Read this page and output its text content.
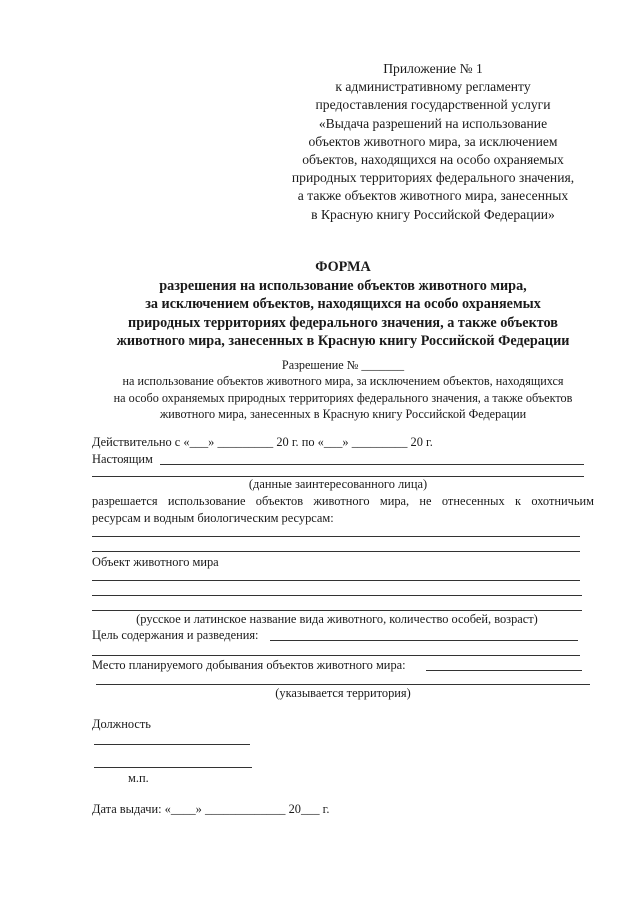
Приложение № 1
к административному регламенту
предоставления государственной услуги
«Выдача разрешений на использование
объектов животного мира, за исключением
объектов, находящихся на особо охраняемых
природных территориях федерального значения,
а также объектов животного мира, занесенных
в Красную книгу Российской Федерации»
ФОРМА
разрешения на использование объектов животного мира,
за исключением объектов, находящихся на особо охраняемых
природных территориях федерального значения, а также объектов
животного мира, занесенных в Красную книгу Российской Федерации
Разрешение № _______
на использование объектов животного мира, за исключением объектов, находящихся
на особо охраняемых природных территориях федерального значения, а также объектов
животного мира, занесенных в Красную книгу Российской Федерации
Действительно с «___» _________ 20 г. по «___» _________ 20 г.
Настоящим
(данные заинтересованного лица)
разрешается использование объектов животного мира, не отнесенных к охотничьим
ресурсам и водным биологическим ресурсам:
Объект животного мира
(русское и латинское название вида животного, количество особей, возраст)
Цель содержания и разведения:
Место планируемого добывания объектов животного мира:
(указывается территория)
Должность
м.п.
Дата выдачи: «____» _____________ 20___ г.
